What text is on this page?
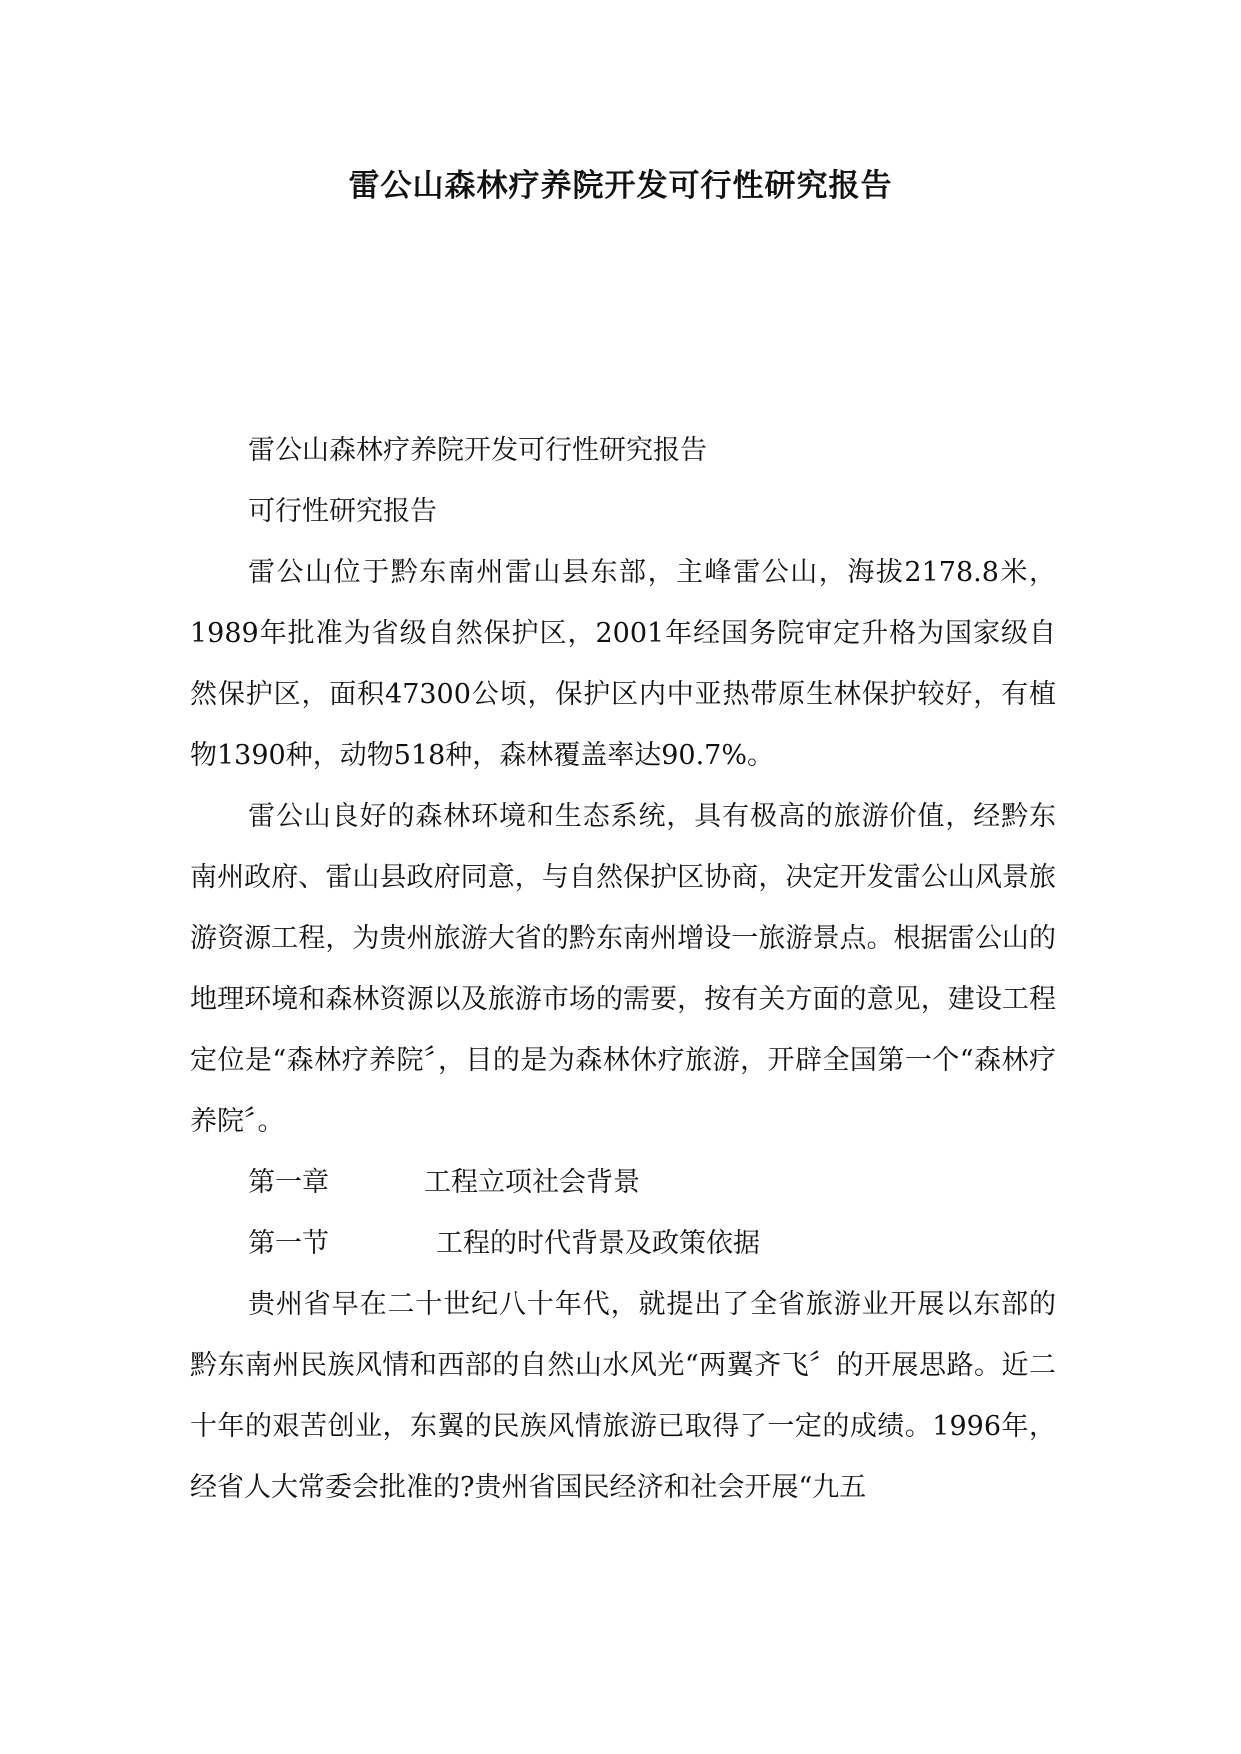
雷公山森林疗养院开发可行性研究报告

雷公山森林疗养院开发可行性研究报告

可行性研究报告

雷公山位于黔东南州雷山县东部，主峰雷公山，海拔2178.8米，1989年批准为省级自然保护区，2001年经国务院审定升格为国家级自然保护区，面积47300公顷，保护区内中亚热带原生林保护较好，有植物1390种，动物518种，森林覆盖率达90.7%。

雷公山良好的森林环境和生态系统，具有极高的旅游价值，经黔东南州政府、雷山县政府同意，与自然保护区协商，决定开发雷公山风景旅游资源工程，为贵州旅游大省的黔东南州增设一旅游景点。根据雷公山的地理环境和森林资源以及旅游市场的需要，按有关方面的意见，建设工程定位是“森林疗养院〞，目的是为森林休疗旅游，开辟全国第一个“森林疗养院〞。

第一章	工程立项社会背景

第一节	工程的时代背景及政策依据

贵州省早在二十世纪八十年代，就提出了全省旅游业开展以东部的黔东南州民族风情和西部的自然山水风光“两翼齐飞〞的开展思路。近二十年的艰苦创业，东翼的民族风情旅游已取得了一定的成绩。1996年，经省人大常委会批准的?贵州省国民经济和社会开展“九五
